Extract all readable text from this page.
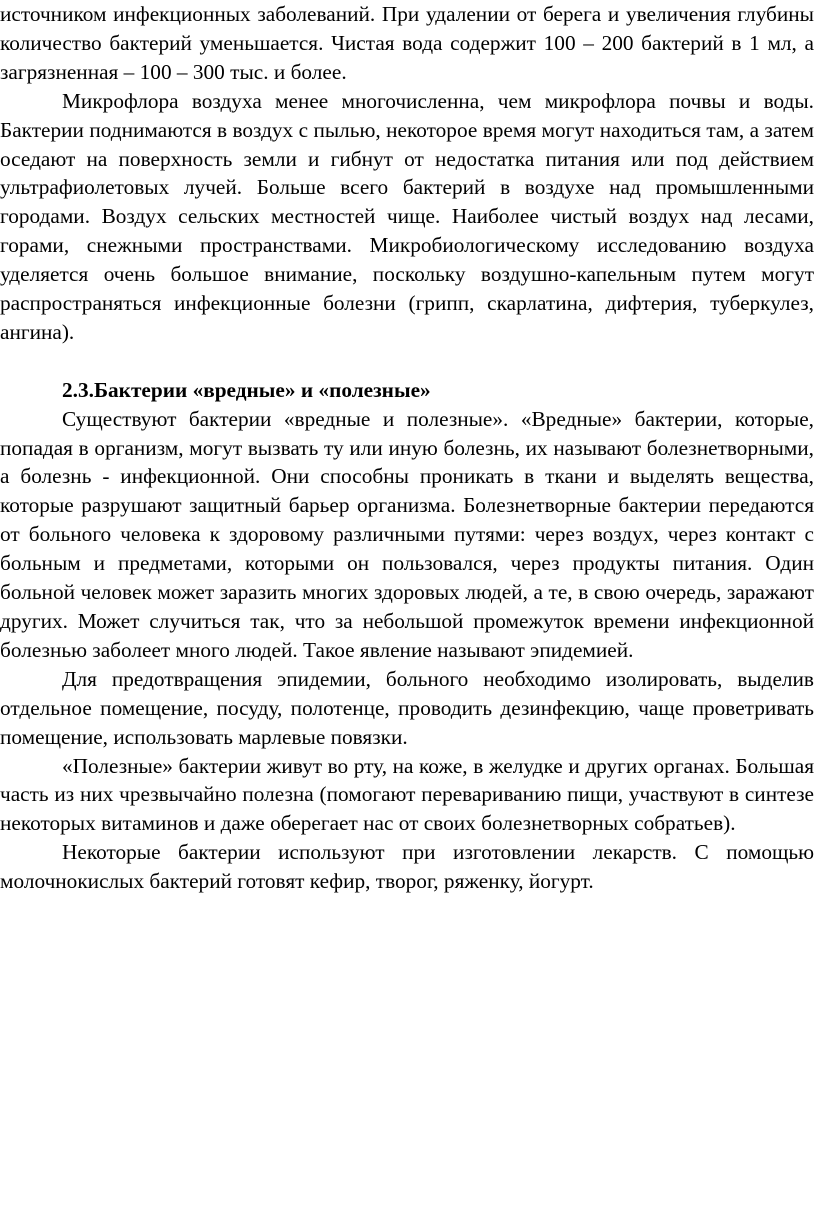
источником инфекционных заболеваний. При удалении от берега и увеличения глубины количество бактерий уменьшается. Чистая вода содержит 100 – 200 бактерий в 1 мл, а загрязненная – 100 – 300 тыс. и более.

Микрофлора воздуха менее многочисленна, чем микрофлора почвы и воды. Бактерии поднимаются в воздух с пылью, некоторое время могут находиться там, а затем оседают на поверхность земли и гибнут от недостатка питания или под действием ультрафиолетовых лучей. Больше всего бактерий в воздухе над промышленными городами. Воздух сельских местностей чище. Наиболее чистый воздух над лесами, горами, снежными пространствами. Микробиологическому исследованию воздуха уделяется очень большое внимание, поскольку воздушно-капельным путем могут распространяться инфекционные болезни (грипп, скарлатина, дифтерия, туберкулез, ангина).

2.3.Бактерии «вредные» и «полезные»

Существуют бактерии «вредные и полезные». «Вредные» бактерии, которые, попадая в организм, могут вызвать ту или иную болезнь, их называют болезнетворными, а болезнь - инфекционной. Они способны проникать в ткани и выделять вещества, которые разрушают защитный барьер организма. Болезнетворные бактерии передаются от больного человека к здоровому различными путями: через воздух, через контакт с больным и предметами, которыми он пользовался, через продукты питания. Один больной человек может заразить многих здоровых людей, а те, в свою очередь, заражают других. Может случиться так, что за небольшой промежуток времени инфекционной болезнью заболеет много людей. Такое явление называют эпидемией.

Для предотвращения эпидемии, больного необходимо изолировать, выделив отдельное помещение, посуду, полотенце, проводить дезинфекцию, чаще проветривать помещение, использовать марлевые повязки.

«Полезные» бактерии живут во рту, на коже, в желудке и других органах. Большая часть из них чрезвычайно полезна (помогают перевариванию пищи, участвуют в синтезе некоторых витаминов и даже оберегает нас от своих болезнетворных собратьев).

Некоторые бактерии используют при изготовлении лекарств. С помощью молочнокислых бактерий готовят кефир, творог, ряженку, йогурт.
